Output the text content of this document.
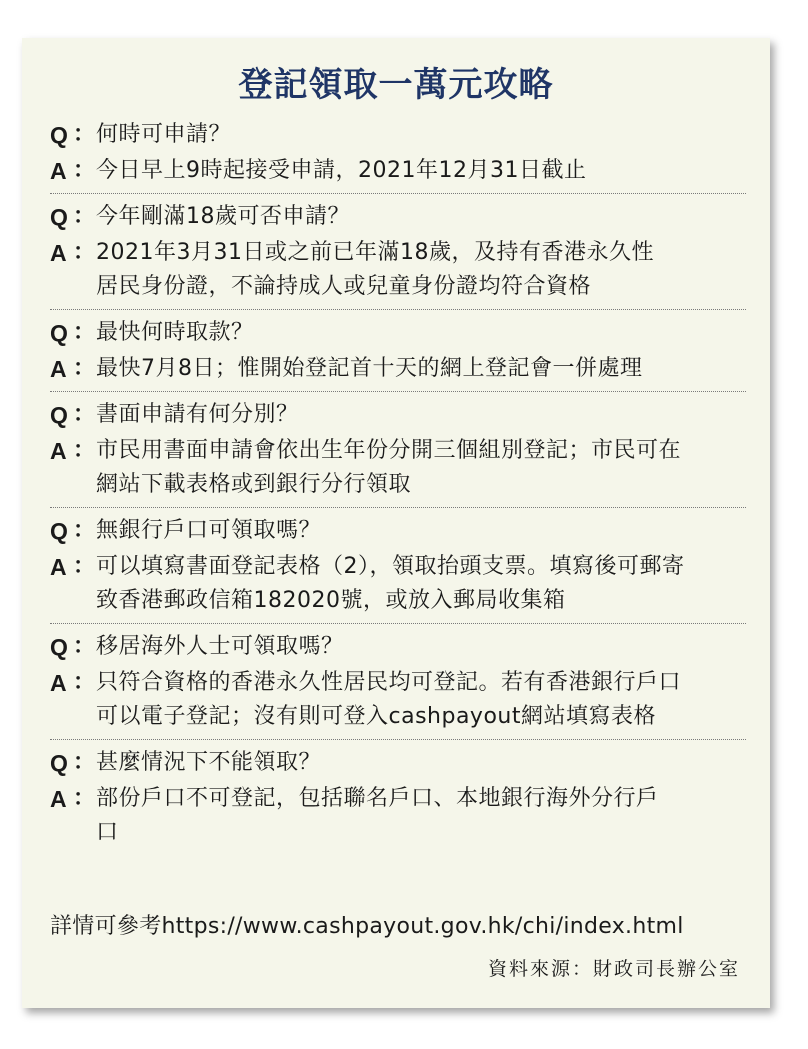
登記領取一萬元攻略
Q ： 何時可申請？
A ： 今日早上9時起接受申請，2021年12月31日截止
Q ： 今年剛滿18歲可否申請？
A ： 2021年3月31日或之前已年滿18歲，及持有香港永久性
居民身份證，不論持成人或兒童身份證均符合資格
Q ： 最快何時取款？
A ： 最快7月8日；惟開始登記首十天的網上登記會一併處理
Q ： 書面申請有何分別？
A ： 市民用書面申請會依出生年份分開三個組別登記；市民可在
網站下載表格或到銀行分行領取
Q ： 無銀行戶口可領取嗎？
A ： 可以填寫書面登記表格（2），領取抬頭支票。填寫後可郵寄
致香港郵政信箱182020號，或放入郵局收集箱
Q ： 移居海外人士可領取嗎？
A ： 只符合資格的香港永久性居民均可登記。若有香港銀行戶口
可以電子登記；沒有則可登入cashpayout網站填寫表格
Q ： 甚麼情況下不能領取？
A ： 部份戶口不可登記，包括聯名戶口、本地銀行海外分行戶
口
詳情可參考https://www.cashpayout.gov.hk/chi/index.html
資料來源：財政司長辦公室
